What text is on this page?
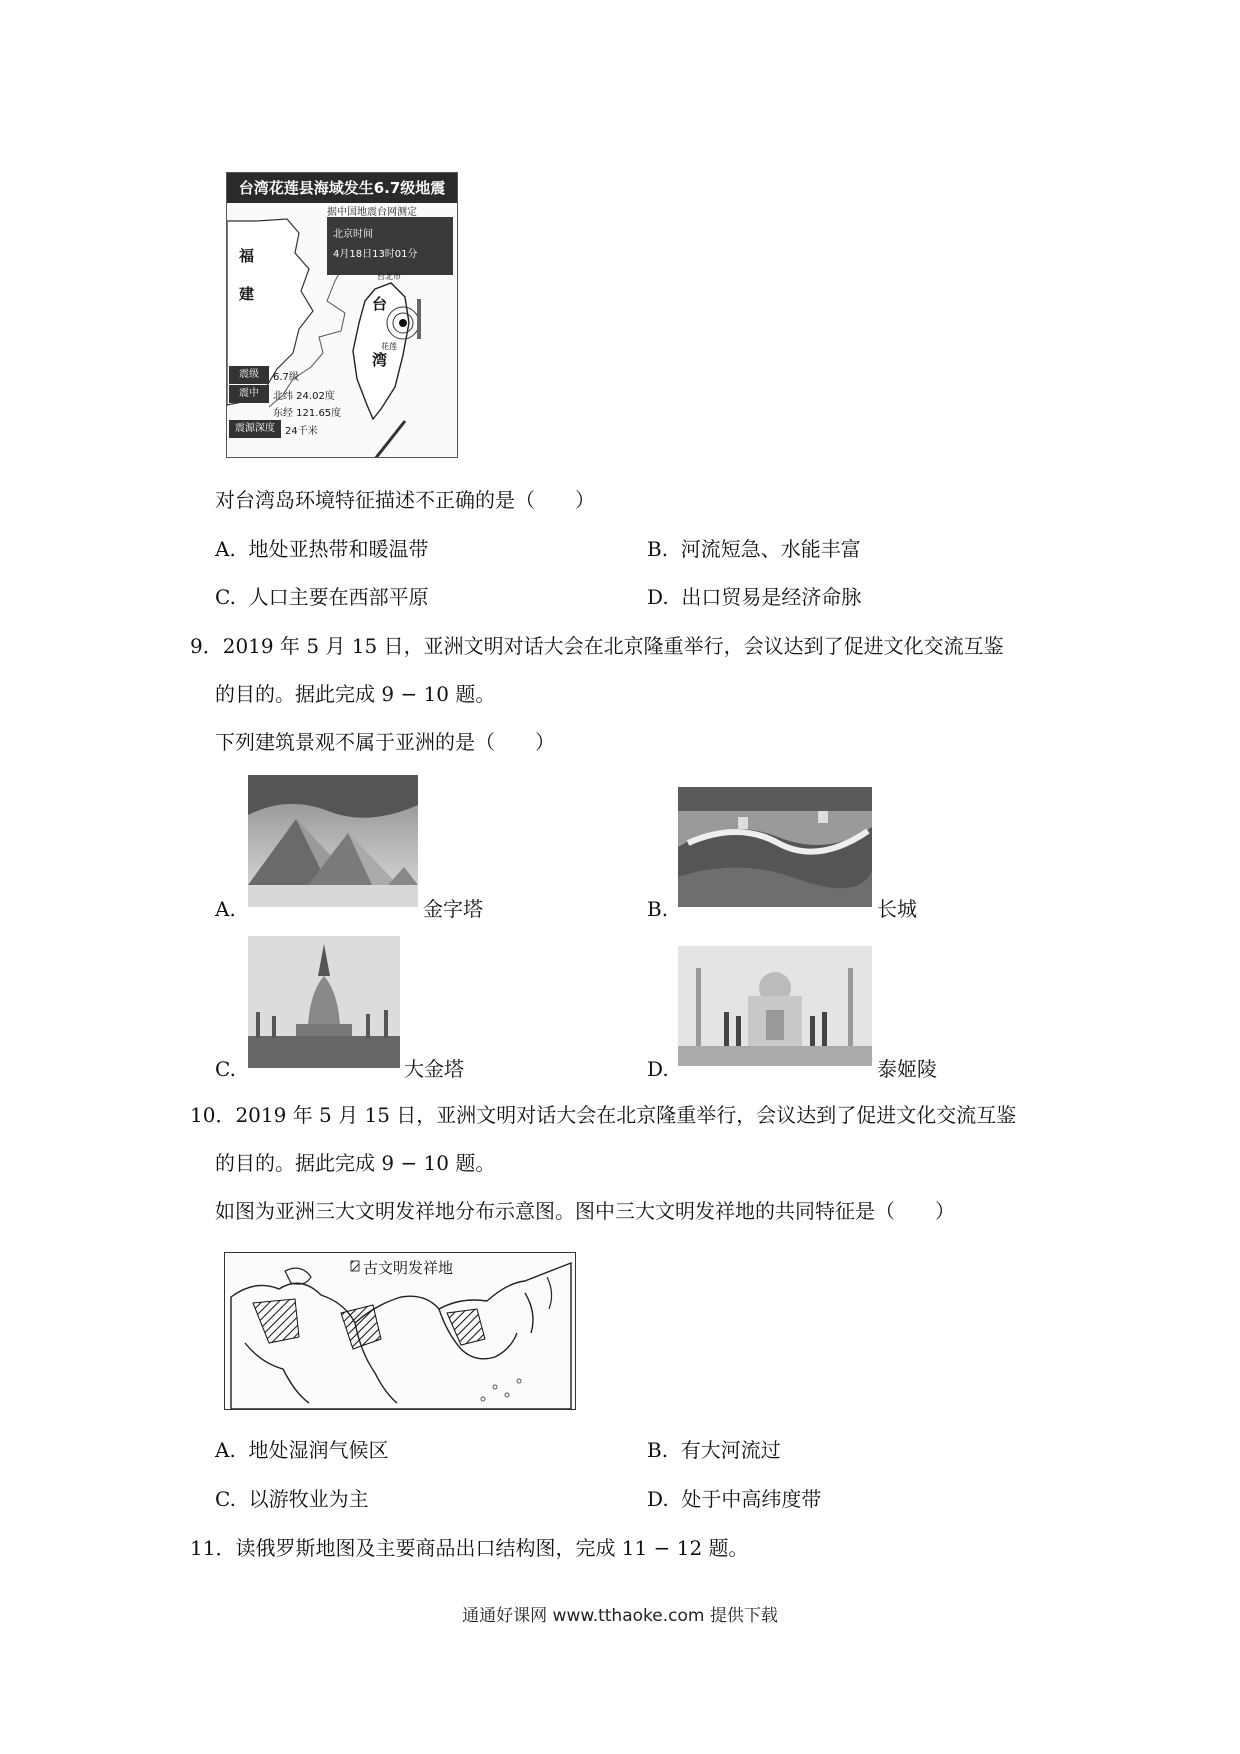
台湾花莲县海域发生6.7级地震
据中国地震台网测定
北京时间
4月18日13时01分
福
建
台北市
台
花莲
湾
震级	6.7级
震中	北纬 24.02度
东经 121.65度
震源深度	24千米
对台湾岛环境特征描述不正确的是（　　）
A. 地处亚热带和暖温带	B. 河流短急、水能丰富
C. 人口主要在西部平原	D. 出口贸易是经济命脉
9．2019 年 5 月 15 日，亚洲文明对话大会在北京隆重举行，会议达到了促进文化交流互鉴
的目的。据此完成 9 − 10 题。
下列建筑景观不属于亚洲的是（　　）
A.	金字塔	B.	长城
C.	大金塔	D.	泰姬陵
10．2019 年 5 月 15 日，亚洲文明对话大会在北京隆重举行，会议达到了促进文化交流互鉴
的目的。据此完成 9 − 10 题。
如图为亚洲三大文明发祥地分布示意图。图中三大文明发祥地的共同特征是（　　）
古文明发祥地
A. 地处湿润气候区	B. 有大河流过
C. 以游牧业为主	D. 处于中高纬度带
11．读俄罗斯地图及主要商品出口结构图，完成 11 − 12 题。
通通好课网 www.tthaoke.com 提供下载
